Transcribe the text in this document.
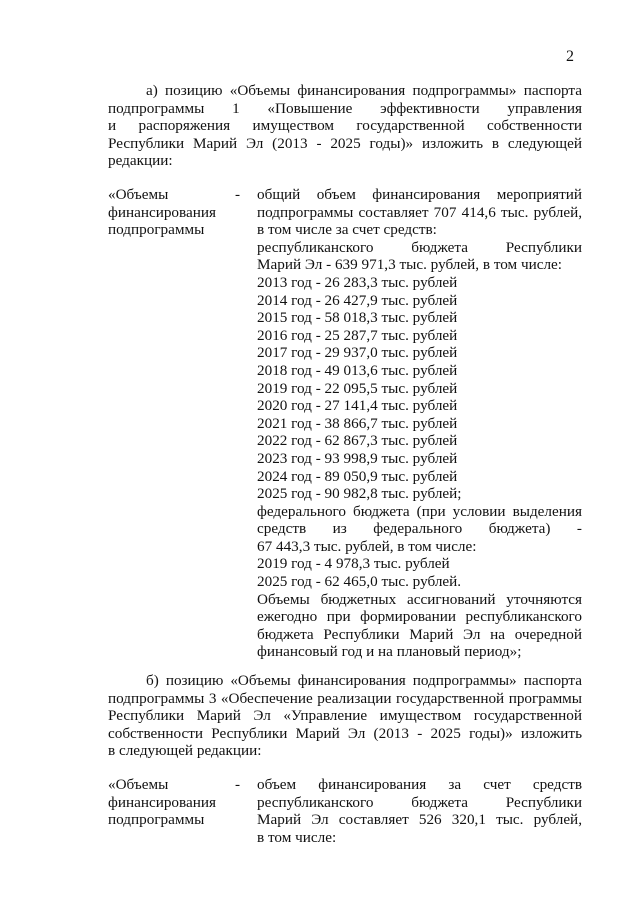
2
а) позицию «Объемы финансирования подпрограммы» паспорта
подпрограммы 1 «Повышение эффективности управления
и распоряжения имуществом государственной собственности
Республики Марий Эл (2013 - 2025 годы)» изложить в следующей
редакции:
«Объемы
финансирования
подпрограммы
- общий объем финансирования мероприятий
подпрограммы составляет 707 414,6 тыс. рублей,
в том числе за счет средств:
республиканского бюджета Республики
Марий Эл - 639 971,3 тыс. рублей, в том числе:
2013 год - 26 283,3 тыс. рублей
2014 год - 26 427,9 тыс. рублей
2015 год - 58 018,3 тыс. рублей
2016 год - 25 287,7 тыс. рублей
2017 год - 29 937,0 тыс. рублей
2018 год - 49 013,6 тыс. рублей
2019 год - 22 095,5 тыс. рублей
2020 год - 27 141,4 тыс. рублей
2021 год - 38 866,7 тыс. рублей
2022 год - 62 867,3 тыс. рублей
2023 год - 93 998,9 тыс. рублей
2024 год - 89 050,9 тыс. рублей
2025 год - 90 982,8 тыс. рублей;
федерального бюджета (при условии выделения
средств из федерального бюджета) -
67 443,3 тыс. рублей, в том числе:
2019 год - 4 978,3 тыс. рублей
2025 год - 62 465,0 тыс. рублей.
Объемы бюджетных ассигнований уточняются
ежегодно при формировании республиканского
бюджета Республики Марий Эл на очередной
финансовый год и на плановый период»;
б) позицию «Объемы финансирования подпрограммы» паспорта
подпрограммы 3 «Обеспечение реализации государственной программы
Республики Марий Эл «Управление имуществом государственной
собственности Республики Марий Эл (2013 - 2025 годы)» изложить
в следующей редакции:
«Объемы
финансирования
подпрограммы
- объем финансирования за счет средств
республиканского бюджета Республики
Марий Эл составляет 526 320,1 тыс. рублей,
в том числе:
